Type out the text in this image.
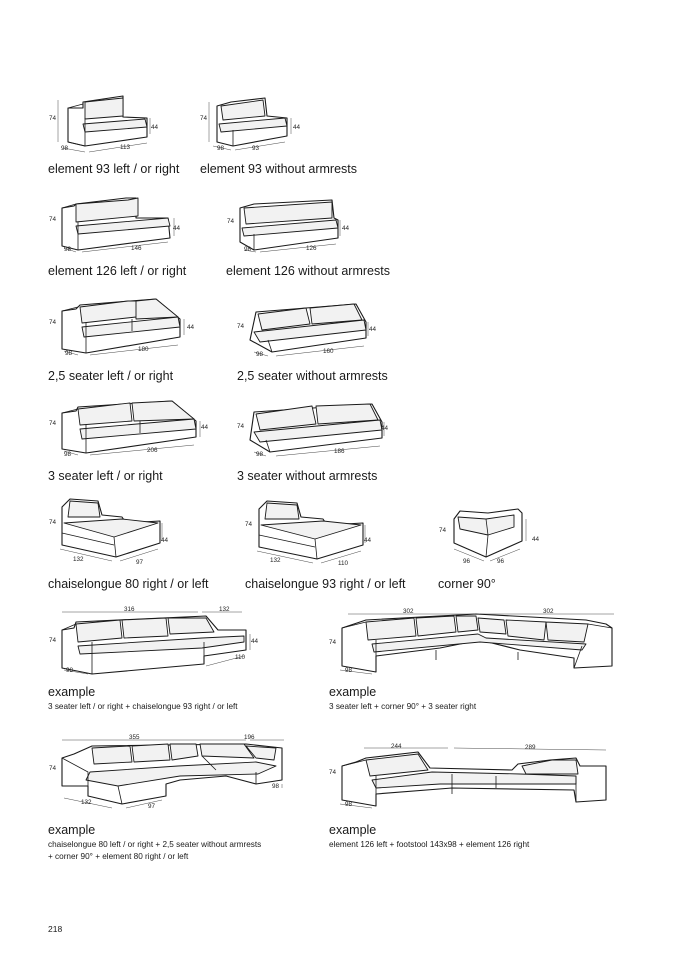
74
44
98	113
element 93 left / or right
74
44
98	93
element 93 without armrests
74
44
98	146
element 126 left / or right
74
44
98	126
element 126 without armrests
74
44
98
180
2,5 seater left / or right
74	44
98	160
2,5 seater without armrests
74
44
98
206
3 seater left / or right
74	44
98	186
3 seater without armrests
74
44
132	97
chaiselongue 80 right / or left
74
44
132	110
chaiselongue 93 right / or left
74
44
96	96
corner 90°
316	132
74	44
98
110
example
3 seater left / or right + chaiselongue 93 right / or left
302	302
74
98
example
3 seater left + corner 90° + 3 seater right
355	196
74
98
132
97
example
chaiselongue 80 left / or right + 2,5 seater without armrests
+ corner 90° + element 80 right / or left
244	289
74
98
example
element 126 left + footstool 143x98 + element 126 right
218
